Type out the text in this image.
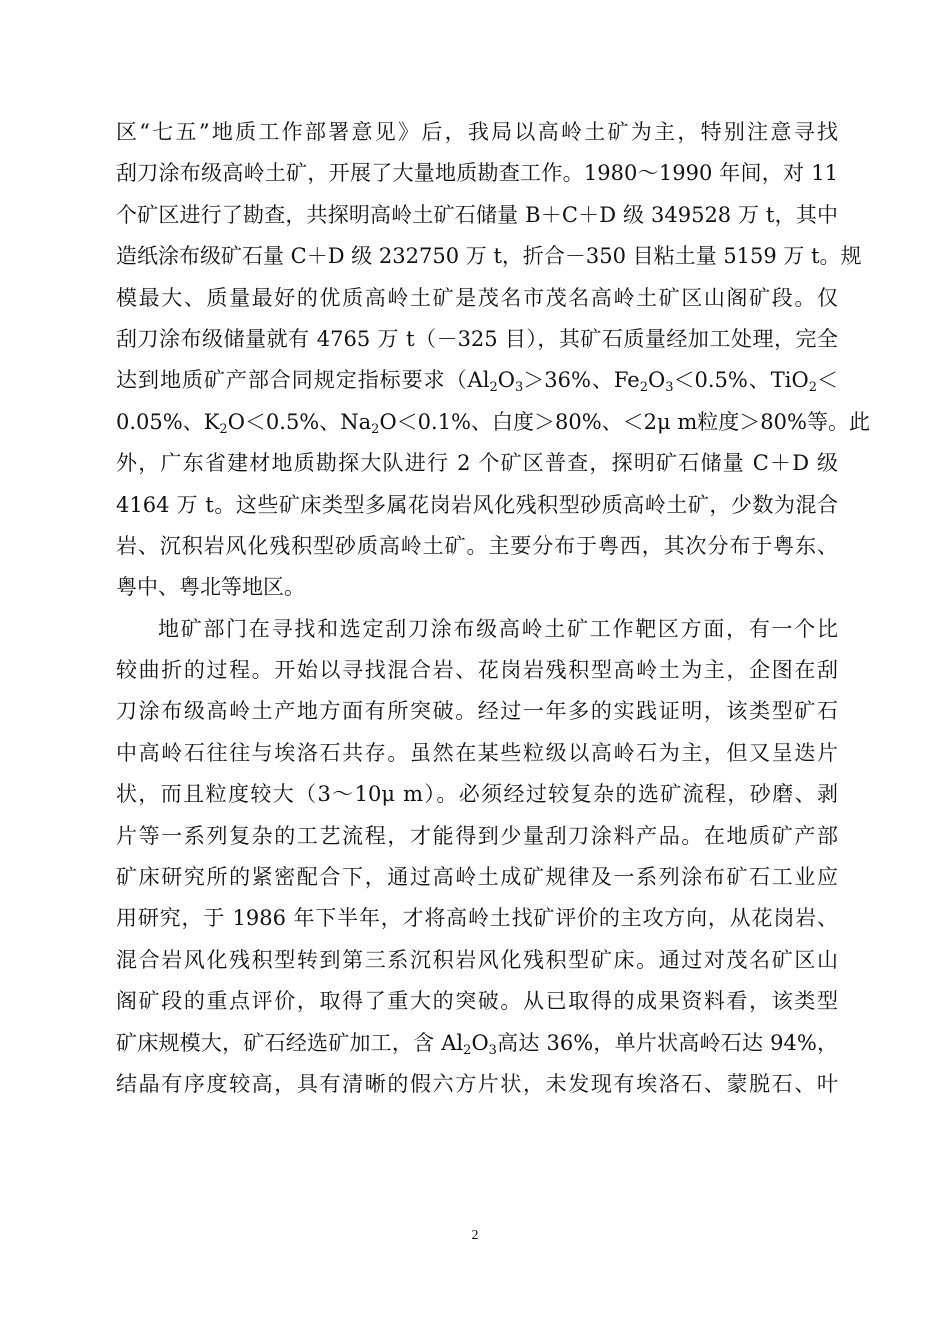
区“七五”地质工作部署意见》后，我局以高岭土矿为主，特别注意寻找
刮刀涂布级高岭土矿，开展了大量地质勘查工作。1980～1990 年间，对 11
个矿区进行了勘查，共探明高岭土矿石储量 B＋C＋D 级 349528 万 t，其中
造纸涂布级矿石量 C＋D 级 232750 万 t，折合－350 目粘土量 5159 万 t。规
模最大、质量最好的优质高岭土矿是茂名市茂名高岭土矿区山阁矿段。仅
刮刀涂布级储量就有 4765 万 t（－325 目），其矿石质量经加工处理，完全
达到地质矿产部合同规定指标要求（$Al_2O_3>36\%$、$Fe_2O_3<0.5\%$、TiO$_2$＜
0.05%、$K_2O<0.5\%$、$Na_2O<0.1\%$、白度＞80%、＜2μ m粒度＞80%等。此
外，广东省建材地质勘探大队进行 2 个矿区普查，探明矿石储量 C＋D 级
4164 万 t。这些矿床类型多属花岗岩风化残积型砂质高岭土矿，少数为混合
岩、沉积岩风化残积型砂质高岭土矿。主要分布于粤西，其次分布于粤东、
粤中、粤北等地区。
地矿部门在寻找和选定刮刀涂布级高岭土矿工作靶区方面，有一个比
较曲折的过程。开始以寻找混合岩、花岗岩残积型高岭土为主，企图在刮
刀涂布级高岭土产地方面有所突破。经过一年多的实践证明，该类型矿石
中高岭石往往与埃洛石共存。虽然在某些粒级以高岭石为主，但又呈迭片
状，而且粒度较大（3～10μ m）。必须经过较复杂的选矿流程，砂磨、剥
片等一系列复杂的工艺流程，才能得到少量刮刀涂料产品。在地质矿产部
矿床研究所的紧密配合下，通过高岭土成矿规律及一系列涂布矿石工业应
用研究，于 1986 年下半年，才将高岭土找矿评价的主攻方向，从花岗岩、
混合岩风化残积型转到第三系沉积岩风化残积型矿床。通过对茂名矿区山
阁矿段的重点评价，取得了重大的突破。从已取得的成果资料看，该类型
矿床规模大，矿石经选矿加工，含 $Al_2O_3$高达 36%，单片状高岭石达 94%，
结晶有序度较高，具有清晰的假六方片状，未发现有埃洛石、蒙脱石、叶
2
